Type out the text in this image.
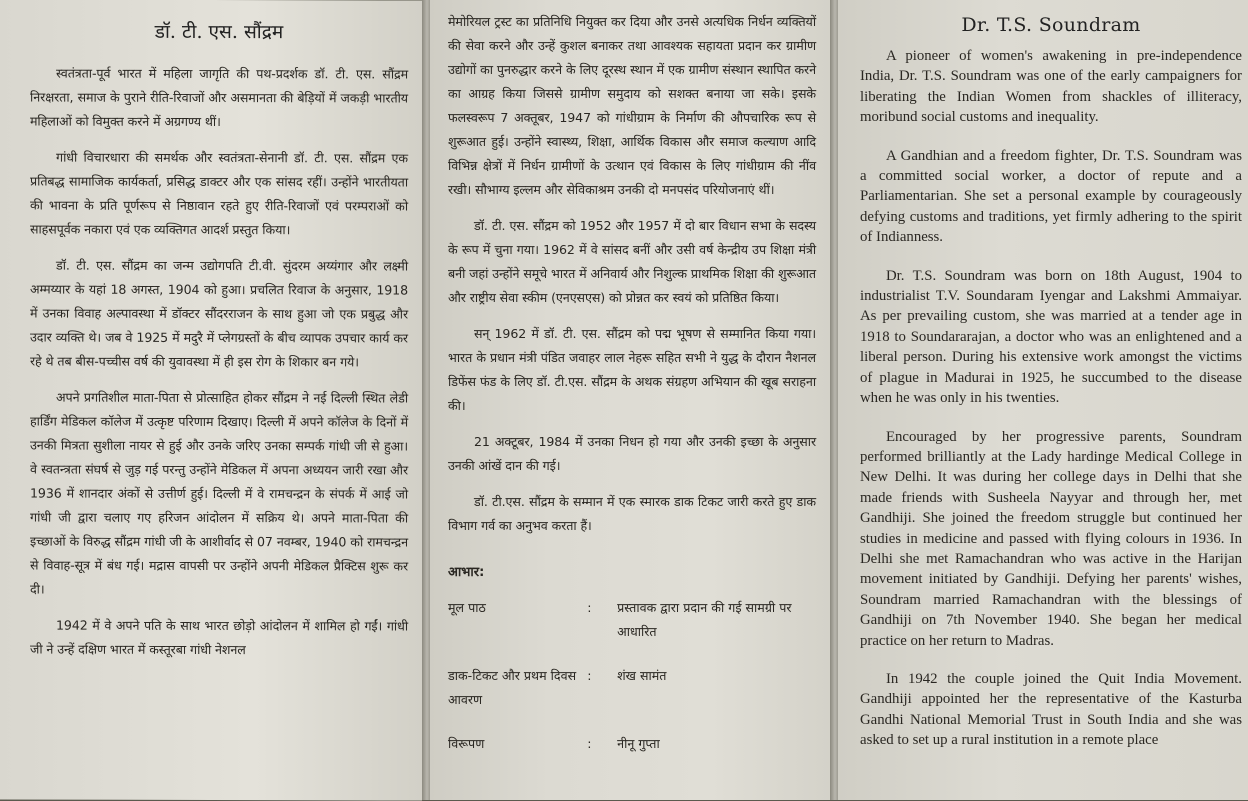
डॉ. टी. एस. सौंद्रम

स्वतंत्रता-पूर्व भारत में महिला जागृति की पथ-प्रदर्शक डॉ. टी. एस. सौंद्रम निरक्षरता, समाज के पुराने रीति-रिवाजों और असमानता की बेड़ियों में जकड़ी भारतीय महिलाओं को विमुक्त करने में अग्रगण्य थीं।

गांधी विचारधारा की समर्थक और स्वतंत्रता-सेनानी डॉ. टी. एस. सौंद्रम एक प्रतिबद्ध सामाजिक कार्यकर्ता, प्रसिद्ध डाक्टर और एक सांसद रहीं। उन्होंने भारतीयता की भावना के प्रति पूर्णरूप से निष्ठावान रहते हुए रीति-रिवाजों एवं परम्पराओं को साहसपूर्वक नकारा एवं एक व्यक्तिगत आदर्श प्रस्तुत किया।

डॉ. टी. एस. सौंद्रम का जन्म उद्योगपति टी.वी. सुंदरम अय्यंगार और लक्ष्मी अम्मय्यार के यहां 18 अगस्त, 1904 को हुआ। प्रचलित रिवाज के अनुसार, 1918 में उनका विवाह अल्पावस्था में डॉक्टर सौंदरराजन के साथ हुआ जो एक प्रबुद्ध और उदार व्यक्ति थे। जब वे 1925 में मदुरै में प्लेगग्रस्तों के बीच व्यापक उपचार कार्य कर रहे थे तब बीस-पच्चीस वर्ष की युवावस्था में ही इस रोग के शिकार बन गये।

अपने प्रगतिशील माता-पिता से प्रोत्साहित होकर सौंद्रम ने नई दिल्ली स्थित लेडी हार्डिंग मेडिकल कॉलेज में उत्कृष्ट परिणाम दिखाए। दिल्ली में अपने कॉलेज के दिनों में उनकी मित्रता सुशीला नायर से हुई और उनके जरिए उनका सम्पर्क गांधी जी से हुआ। वे स्वतन्त्रता संघर्ष से जुड़ गई परन्तु उन्होंने मेडिकल में अपना अध्ययन जारी रखा और 1936 में शानदार अंकों से उत्तीर्ण हुई। दिल्ली में वे रामचन्द्रन के संपर्क में आई जो गांधी जी द्वारा चलाए गए हरिजन आंदोलन में सक्रिय थे। अपने माता-पिता की इच्छाओं के विरुद्ध सौंद्रम गांधी जी के आशीर्वाद से 07 नवम्बर, 1940 को रामचन्द्रन से विवाह-सूत्र में बंध गई। मद्रास वापसी पर उन्होंने अपनी मेडिकल प्रैक्टिस शुरू कर दी।

1942 में वे अपने पति के साथ भारत छोड़ो आंदोलन में शामिल हो गईं। गांधी जी ने उन्हें दक्षिण भारत में कस्तूरबा गांधी नेशनल

मेमोरियल ट्रस्ट का प्रतिनिधि नियुक्त कर दिया और उनसे अत्यधिक निर्धन व्यक्तियों की सेवा करने और उन्हें कुशल बनाकर तथा आवश्यक सहायता प्रदान कर ग्रामीण उद्योगों का पुनरुद्धार करने के लिए दूरस्थ स्थान में एक ग्रामीण संस्थान स्थापित करने का आग्रह किया जिससे ग्रामीण समुदाय को सशक्त बनाया जा सके। इसके फलस्वरूप 7 अक्तूबर, 1947 को गांधीग्राम के निर्माण की औपचारिक रूप से शुरूआत हुई। उन्होंने स्वास्थ्य, शिक्षा, आर्थिक विकास और समाज कल्याण आदि विभिन्न क्षेत्रों में निर्धन ग्रामीणों के उत्थान एवं विकास के लिए गांधीग्राम की नींव रखी। सौभाग्य इल्लम और सेविकाश्रम उनकी दो मनपसंद परियोजनाएं थीं।

डॉ. टी. एस. सौंद्रम को 1952 और 1957 में दो बार विधान सभा के सदस्य के रूप में चुना गया। 1962 में वे सांसद बनीं और उसी वर्ष केन्द्रीय उप शिक्षा मंत्री बनी जहां उन्होंने समूचे भारत में अनिवार्य और निशुल्क प्राथमिक शिक्षा की शुरूआत और राष्ट्रीय सेवा स्कीम (एनएसएस) को प्रोन्नत कर स्वयं को प्रतिष्ठित किया।

सन् 1962 में डॉ. टी. एस. सौंद्रम को पद्म भूषण से सम्मानित किया गया। भारत के प्रधान मंत्री पंडित जवाहर लाल नेहरू सहित सभी ने युद्ध के दौरान नैशनल डिफेंस फंड के लिए डॉ. टी.एस. सौंद्रम के अथक संग्रहण अभियान की खूब सराहना की।

21 अक्टूबर, 1984 में उनका निधन हो गया और उनकी इच्छा के अनुसार उनकी आंखें दान की गई।

डॉ. टी.एस. सौंद्रम के सम्मान में एक स्मारक डाक टिकट जारी करते हुए डाक विभाग गर्व का अनुभव करता हैं।

आभार:
मूल पाठ	:	प्रस्तावक द्वारा प्रदान की गई सामग्री पर आधारित
डाक-टिकट और प्रथम दिवस आवरण	:	शंख सामंत
विरूपण	:	नीनू गुप्ता
Dr. T.S. Soundram

A pioneer of women's awakening in pre-independence India, Dr. T.S. Soundram was one of the early campaigners for liberating the Indian Women from shackles of illiteracy, moribund social customs and inequality.

A Gandhian and a freedom fighter, Dr. T.S. Soundram was a committed social worker, a doctor of repute and a Parliamentarian. She set a personal example by courageously defying customs and traditions, yet firmly adhering to the spirit of Indianness.

Dr. T.S. Soundram was born on 18th August, 1904 to industrialist T.V. Soundaram Iyengar and Lakshmi Ammaiyar. As per prevailing custom, she was married at a tender age in 1918 to Soundararajan, a doctor who was an enlightened and a liberal person. During his extensive work amongst the victims of plague in Madurai in 1925, he succumbed to the disease when he was only in his twenties.

Encouraged by her progressive parents, Soundram performed brilliantly at the Lady hardinge Medical College in New Delhi. It was during her college days in Delhi that she made friends with Susheela Nayyar and through her, met Gandhiji. She joined the freedom struggle but continued her studies in medicine and passed with flying colours in 1936. In Delhi she met Ramachandran who was active in the Harijan movement initiated by Gandhiji. Defying her parents' wishes, Soundram married Ramachandran with the blessings of Gandhiji on 7th November 1940. She began her medical practice on her return to Madras.

In 1942 the couple joined the Quit India Movement. Gandhiji appointed her the representative of the Kasturba Gandhi National Memorial Trust in South India and she was asked to set up a rural institution in a remote place
